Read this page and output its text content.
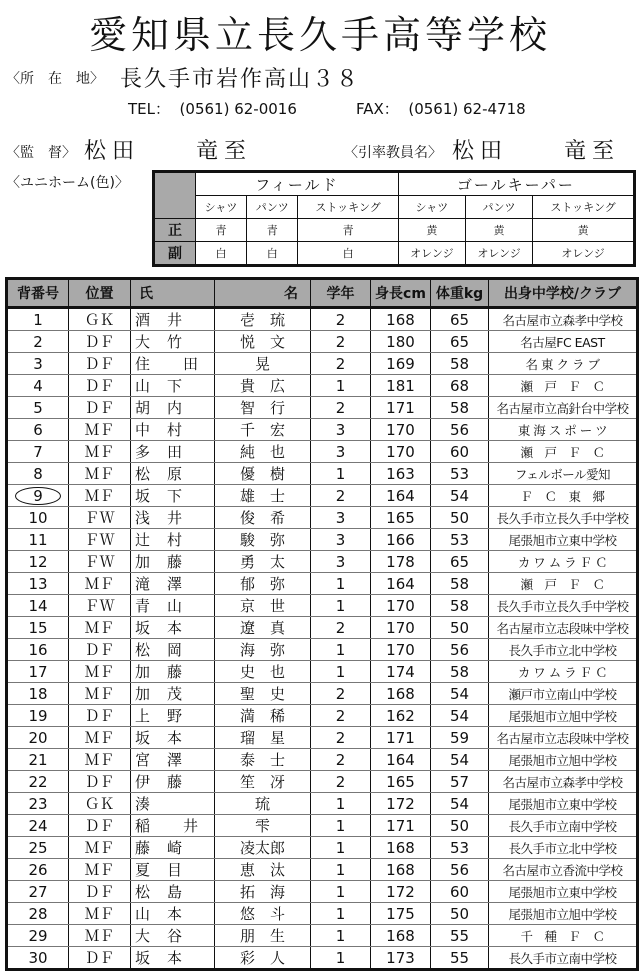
愛知県立長久手高等学校
〈所　在　地〉 長久手市岩作高山３８
TEL： (0561) 62-0016	FAX： (0561) 62-4718
〈監　督〉 松田　　竜至	〈引率教員名〉 松田　　竜至
〈ユニホーム(色)〉
		フィールド			ゴールキーパー		
	シャツ	パンツ	ストッキング	シャツ	パンツ	ストッキング
正	青	青	青	黄	黄	黄
副	白	白	白	オレンジ	オレンジ	オレンジ
背番号	位置	氏	名	学年	身長cm	体重kg	出身中学校/クラブ
1	ＧＫ	酒　井	壱　琉	2	168	65	名古屋市立森孝中学校
2	ＤＦ	大　竹	悦　文	2	180	65	名古屋FC EAST
3	ＤＦ	住　　田	晃	2	169	58	名 東 ク ラ ブ
4	ＤＦ	山　下	貴　広	1	181	68	瀬　戸　Ｆ　Ｃ
5	ＤＦ	胡　内	智　行	2	171	58	名古屋市立高針台中学校
6	ＭＦ	中　村	千　宏	3	170	56	東 海 ス ポ ー ツ
7	ＭＦ	多　田	純　也	3	170	60	瀬　戸　Ｆ　Ｃ
8	ＭＦ	松　原	優　樹	1	163	53	フェルボール愛知
9	ＭＦ	坂　下	雄　士	2	164	54	Ｆ　Ｃ　東　郷
10	ＦＷ	浅　井	俊　希	3	165	50	長久手市立長久手中学校
11	ＦＷ	辻　村	駿　弥	3	166	53	尾張旭市立東中学校
12	ＦＷ	加　藤	勇　太	3	178	65	カ ワ ム ラ Ｆ Ｃ
13	ＭＦ	滝　澤	郁　弥	1	164	58	瀬　戸　Ｆ　Ｃ
14	ＦＷ	青　山	京　世	1	170	58	長久手市立長久手中学校
15	ＭＦ	坂　本	遼　真	2	170	50	名古屋市立志段味中学校
16	ＤＦ	松　岡	海　弥	1	170	56	長久手市立北中学校
17	ＭＦ	加　藤	史　也	1	174	58	カ ワ ム ラ Ｆ Ｃ
18	ＭＦ	加　茂	聖　史	2	168	54	瀬戸市立南山中学校
19	ＤＦ	上　野	満　稀	2	162	54	尾張旭市立旭中学校
20	ＭＦ	坂　本	瑠　星	2	171	59	名古屋市立志段味中学校
21	ＭＦ	宮　澤	泰　士	2	164	54	尾張旭市立旭中学校
22	ＤＦ	伊　藤	笙　冴	2	165	57	名古屋市立森孝中学校
23	ＧＫ	湊	琉	1	172	54	尾張旭市立東中学校
24	ＤＦ	稲　　井	雫	1	171	50	長久手市立南中学校
25	ＭＦ	藤　崎	凌太郎	1	168	53	長久手市立北中学校
26	ＭＦ	夏　目	恵　汰	1	168	56	名古屋市立香流中学校
27	ＤＦ	松　島	拓　海	1	172	60	尾張旭市立東中学校
28	ＭＦ	山　本	悠　斗	1	175	50	尾張旭市立旭中学校
29	ＭＦ	大　谷	朋　生	1	168	55	千　種　Ｆ　Ｃ
30	ＤＦ	坂　本	彩　人	1	173	55	長久手市立南中学校
